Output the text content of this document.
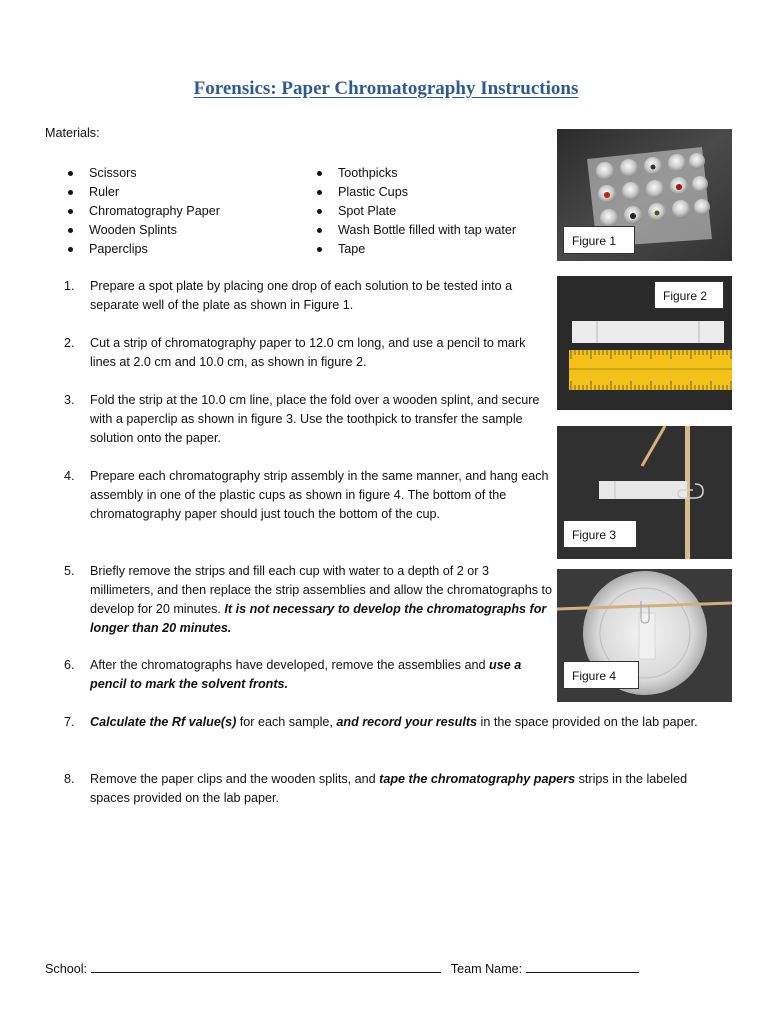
Forensics: Paper Chromatography Instructions
Materials:
Scissors
Ruler
Chromatography Paper
Wooden Splints
Paperclips
Toothpicks
Plastic Cups
Spot Plate
Wash Bottle filled with tap water
Tape
1.	Prepare a spot plate by placing one drop of each solution to be tested into a separate well of the plate as shown in Figure 1.
2.	Cut a strip of chromatography paper to 12.0 cm long, and use a pencil to mark lines at 2.0 cm and 10.0 cm, as shown in figure 2.
3.	Fold the strip at the 10.0 cm line, place the fold over a wooden splint, and secure with a paperclip as shown in figure 3. Use the toothpick to transfer the sample solution onto the paper.
4.	Prepare each chromatography strip assembly in the same manner, and hang each assembly in one of the plastic cups as shown in figure 4. The bottom of the chromatography paper should just touch the bottom of the cup.
5.	Briefly remove the strips and fill each cup with water to a depth of 2 or 3 millimeters, and then replace the strip assemblies and allow the chromatographs to develop for 20 minutes. It is not necessary to develop the chromatographs for longer than 20 minutes.
6.	After the chromatographs have developed, remove the assemblies and use a pencil to mark the solvent fronts.
7.	Calculate the Rf value(s) for each sample, and record your results in the space provided on the lab paper.
8.	Remove the paper clips and the wooden splits, and tape the chromatography papers strips in the labeled spaces provided on the lab paper.
Figure 1
Figure 2
Figure 3
Figure 4
School:	Team Name:
